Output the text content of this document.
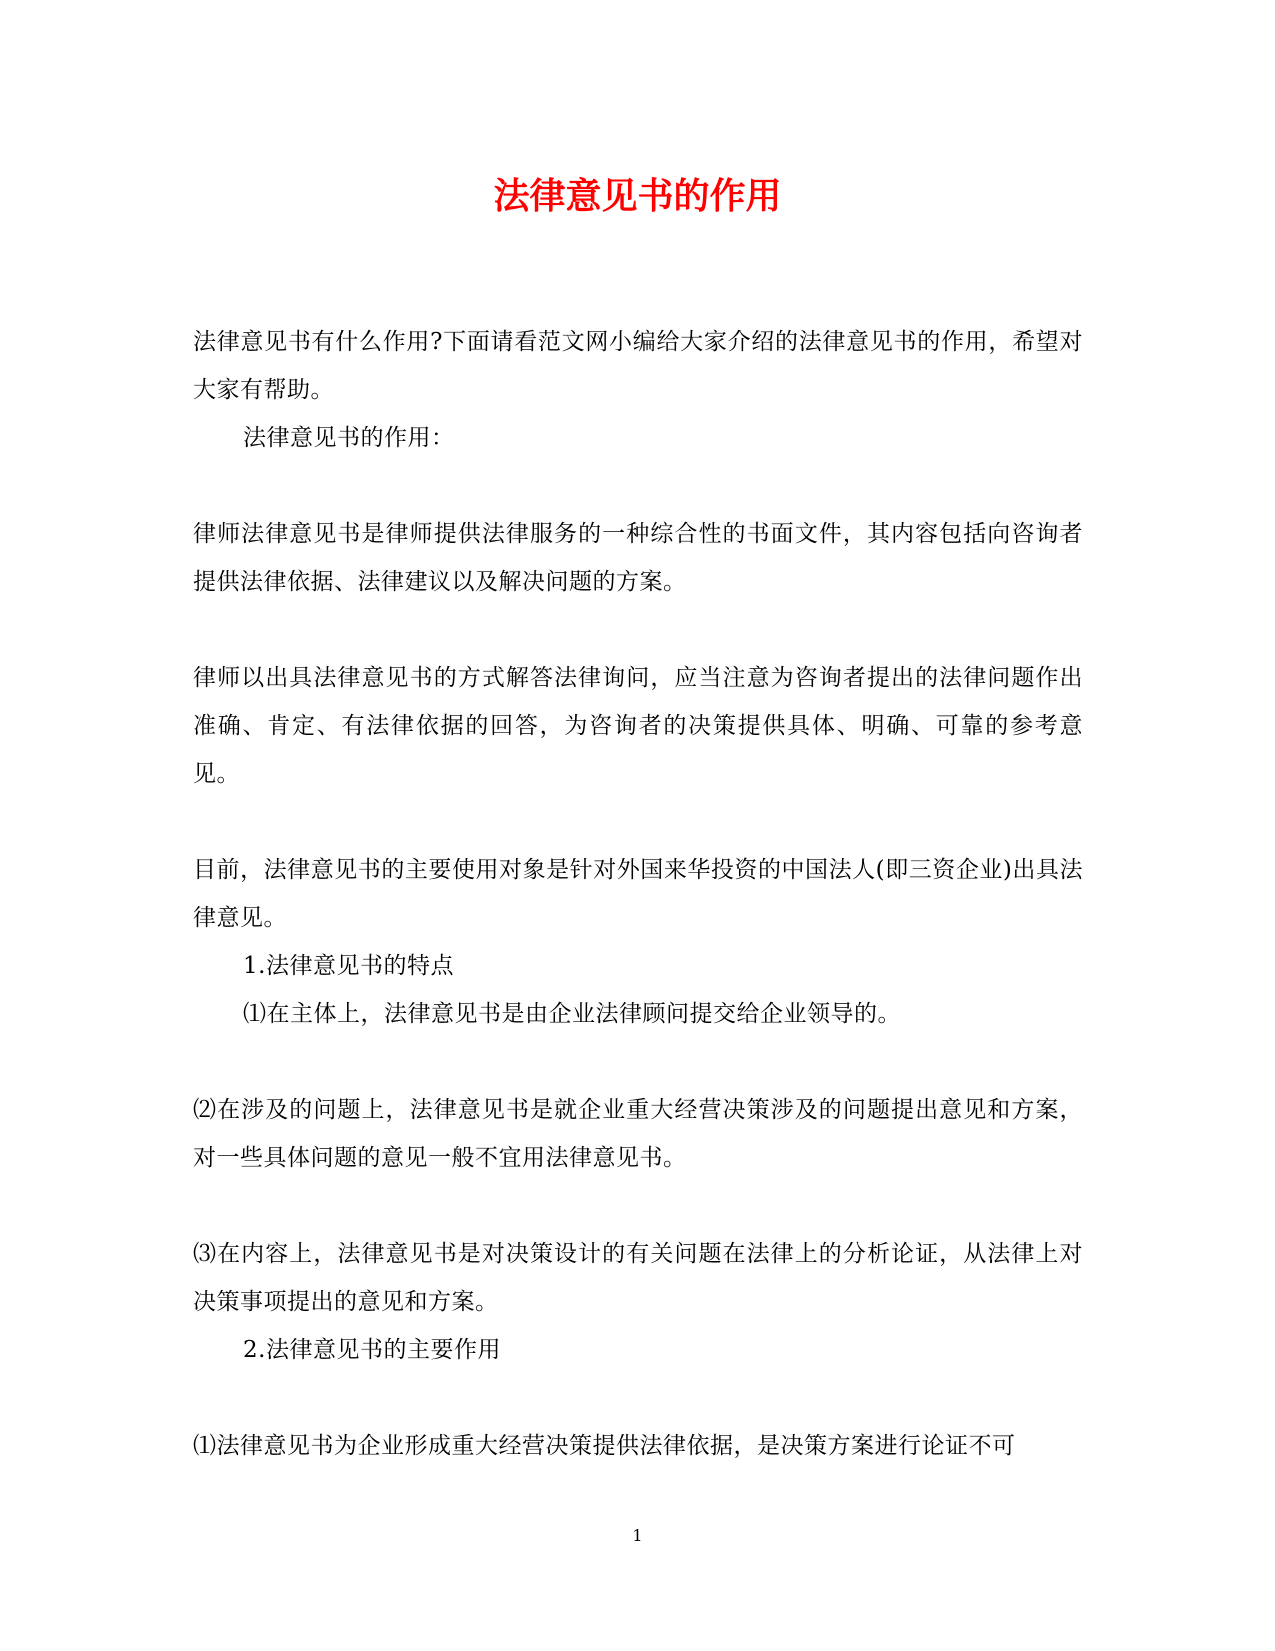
法律意见书的作用

法律意见书有什么作用?下面请看范文网小编给大家介绍的法律意见书的作用，希望对大家有帮助。

法律意见书的作用：

律师法律意见书是律师提供法律服务的一种综合性的书面文件，其内容包括向咨询者提供法律依据、法律建议以及解决问题的方案。

律师以出具法律意见书的方式解答法律询问，应当注意为咨询者提出的法律问题作出准确、肯定、有法律依据的回答，为咨询者的决策提供具体、明确、可靠的参考意见。

目前，法律意见书的主要使用对象是针对外国来华投资的中国法人(即三资企业)出具法律意见。

1.法律意见书的特点

⑴在主体上，法律意见书是由企业法律顾问提交给企业领导的。

⑵在涉及的问题上，法律意见书是就企业重大经营决策涉及的问题提出意见和方案，对一些具体问题的意见一般不宜用法律意见书。

⑶在内容上，法律意见书是对决策设计的有关问题在法律上的分析论证，从法律上对决策事项提出的意见和方案。

2.法律意见书的主要作用

⑴法律意见书为企业形成重大经营决策提供法律依据，是决策方案进行论证不可

1
